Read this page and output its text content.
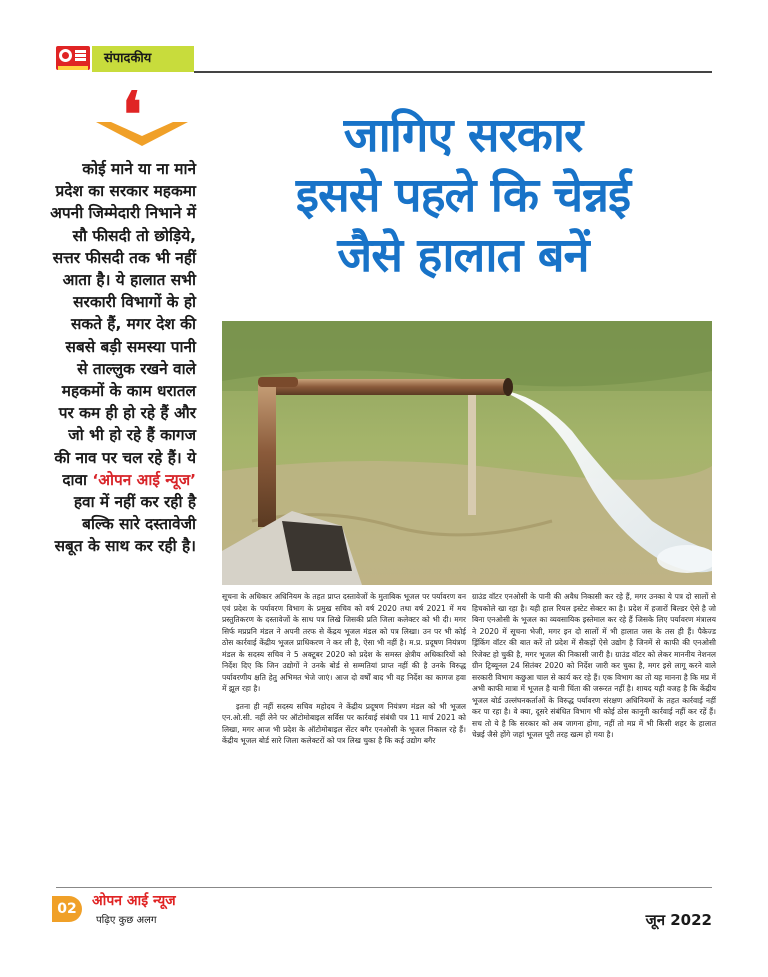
संपादकीय
❛
कोई माने या ना माने प्रदेश का सरकार महकमा अपनी जिम्मेदारी निभाने में सौ फीसदी तो छोड़िये, सत्तर फीसदी तक भी नहीं आता है। ये हालात सभी सरकारी विभागों के हो सकते हैं, मगर देश की सबसे बड़ी समस्या पानी से ताल्लुक रखने वाले महकमों के काम धरातल पर कम ही हो रहे हैं और जो भी हो रहे हैं कागज की नाव पर चल रहे हैं। ये दावा ‘ओपन आई न्यूज’ हवा में नहीं कर रही है बल्कि सारे दस्तावेजी सबूत के साथ कर रही है।
जागिए सरकार
इससे पहले कि चेन्नई
जैसे हालात बनें

सूचना के अधिकार अधिनियम के तहत प्राप्त दस्तावेजों के मुताबिक भूजल पर पर्यावरण वन एवं प्रदेश के पर्यावरण विभाग के प्रमुख सचिव को वर्ष 2020 तथा वर्ष 2021 में मय प्रस्तुतिकरण के दस्तावेजों के साथ पत्र लिखे जिसकी प्रति जिला कलेक्टर को भी दी। मगर सिर्फ मप्रप्रनि मंडल ने अपनी तरफ से केंद्रय भूजल मंडल को पत्र लिखा। उन पर भी कोई ठोस कार्रवाई केंद्रीय भूजल प्राधिकरण ने कर ली है, ऐसा भी नहीं है। म.प्र. प्रदूषण नियंत्रण मंडल के सदस्य सचिव ने 5 अक्टूबर 2020 को प्रदेश के समस्त क्षेत्रीय अधिकारियों को निर्देश दिए कि जिन उद्योगों ने उनके बोर्ड से सम्मतियां प्राप्त नहीं की है उनके विरुद्ध पर्यावरणीय क्षति हेतु अभिमत भेजे जाएं। आज दो वर्षों बाद भी वह निर्देश का कागज हवा में झूल रहा है।

इतना ही नहीं सदस्य सचिव महोदय ने केंद्रीय प्रदूषण नियंत्रण मंडल को भी भूजल एन.ओ.सी. नहीं लेने पर ऑटोमोबाइल सर्विस पर कार्रवाई संबंधी पत्र 11 मार्च 2021 को लिखा, मगर आज भी प्रदेश के ऑटोमोबाइल सेंटर बगैर एनओसी के भूजल निकाल रहे हैं। केंद्रीय भूजल बोर्ड सारे जिला कलेक्टरों को पत्र लिख चुका है कि कई उद्योग बगैर

ग्राउंड वॉटर एनओसी के पानी की अवैध निकासी कर रहे हैं, मगर उनका ये पत्र दो सालों से हिचकोले खा रहा है। यही हाल रियल इस्टेट सेक्टर का है। प्रदेश में हजारों बिल्डर ऐसे है जो बिना एनओसी के भूजल का व्यवसायिक इस्तेमाल कर रहे हैं जिसके लिए पर्यावरण मंत्रालय ने 2020 में सूचना भेजी, मगर इन दो सालों में भी हालात जस के तस ही हैं। पैकेज्ड ड्रिंकिंग वॉटर की बात करें तो प्रदेश में सैकड़ों ऐसे उद्योग है जिनमें से काफी की एनओसी रिजेक्ट हो चुकी है, मगर भूजल की निकासी जारी है। ग्राउंड वॉटर को लेकर माननीय नेशनल ग्रीन ट्रिब्यूनल 24 सितंबर 2020 को निर्देश जारी कर चुका है, मगर इसे लागू करने वाले सरकारी विभाग कछुआ चाल से कार्य कर रहे हैं। एक विभाग का तो यह मानना है कि मप्र में अभी काफी मात्रा में भूजल है यानी चिंता की जरूरत नहीं है। शायद यही वजह है कि केंद्रीय भूजल बोर्ड उल्लंघनकर्ताओं के विरुद्ध पर्यावरण संरक्षण अधिनियमों के तहत कार्रवाई नहीं कर पा रहा है। वे क्या, दूसरे संबंधित विभाग भी कोई ठोस कानूनी कार्रवाई नहीं कर रहें हैं। सच तो ये है कि सरकार को अब जागना होगा, नहीं तो मप्र में भी किसी शहर के हालात चेन्नई जैसे होंगे जहां भूजल पूरी तरह खत्म हो गया है।

02	ओपन आई न्यूज
पढ़िए कुछ अलग	जून 2022
